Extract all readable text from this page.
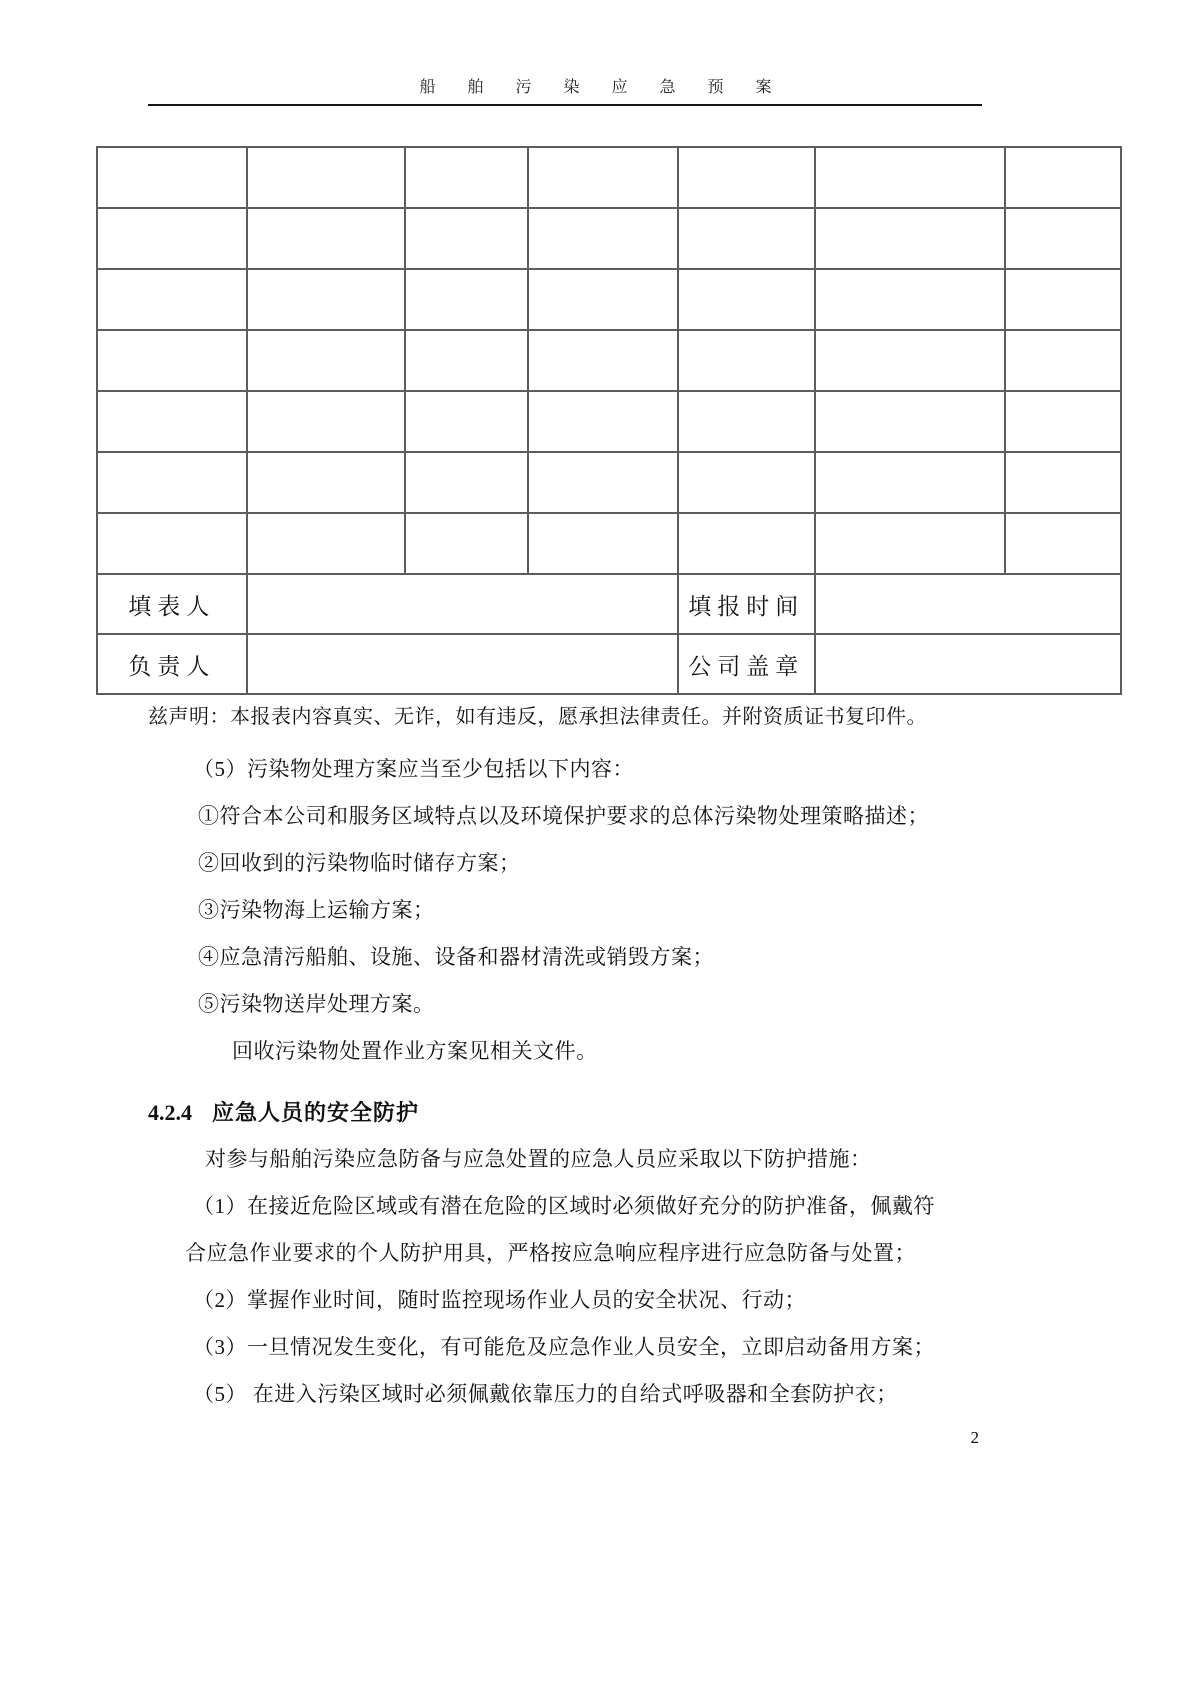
船 舶 污 染 应 急 预 案

填表人				填报时间		
负责人				公司盖章		
兹声明：本报表内容真实、无诈，如有违反，愿承担法律责任。并附资质证书复印件。

（5）污染物处理方案应当至少包括以下内容：

①符合本公司和服务区域特点以及环境保护要求的总体污染物处理策略描述；

②回收到的污染物临时储存方案；

③污染物海上运输方案；

④应急清污船舶、设施、设备和器材清洗或销毁方案；

⑤污染物送岸处理方案。

回收污染物处置作业方案见相关文件。

4.2.4 应急人员的安全防护

对参与船舶污染应急防备与应急处置的应急人员应采取以下防护措施：

（1）在接近危险区域或有潜在危险的区域时必须做好充分的防护准备，佩戴符

合应急作业要求的个人防护用具，严格按应急响应程序进行应急防备与处置；

（2）掌握作业时间，随时监控现场作业人员的安全状况、行动；

（3）一旦情况发生变化，有可能危及应急作业人员安全，立即启动备用方案；

（5） 在进入污染区域时必须佩戴依靠压力的自给式呼吸器和全套防护衣；

2
